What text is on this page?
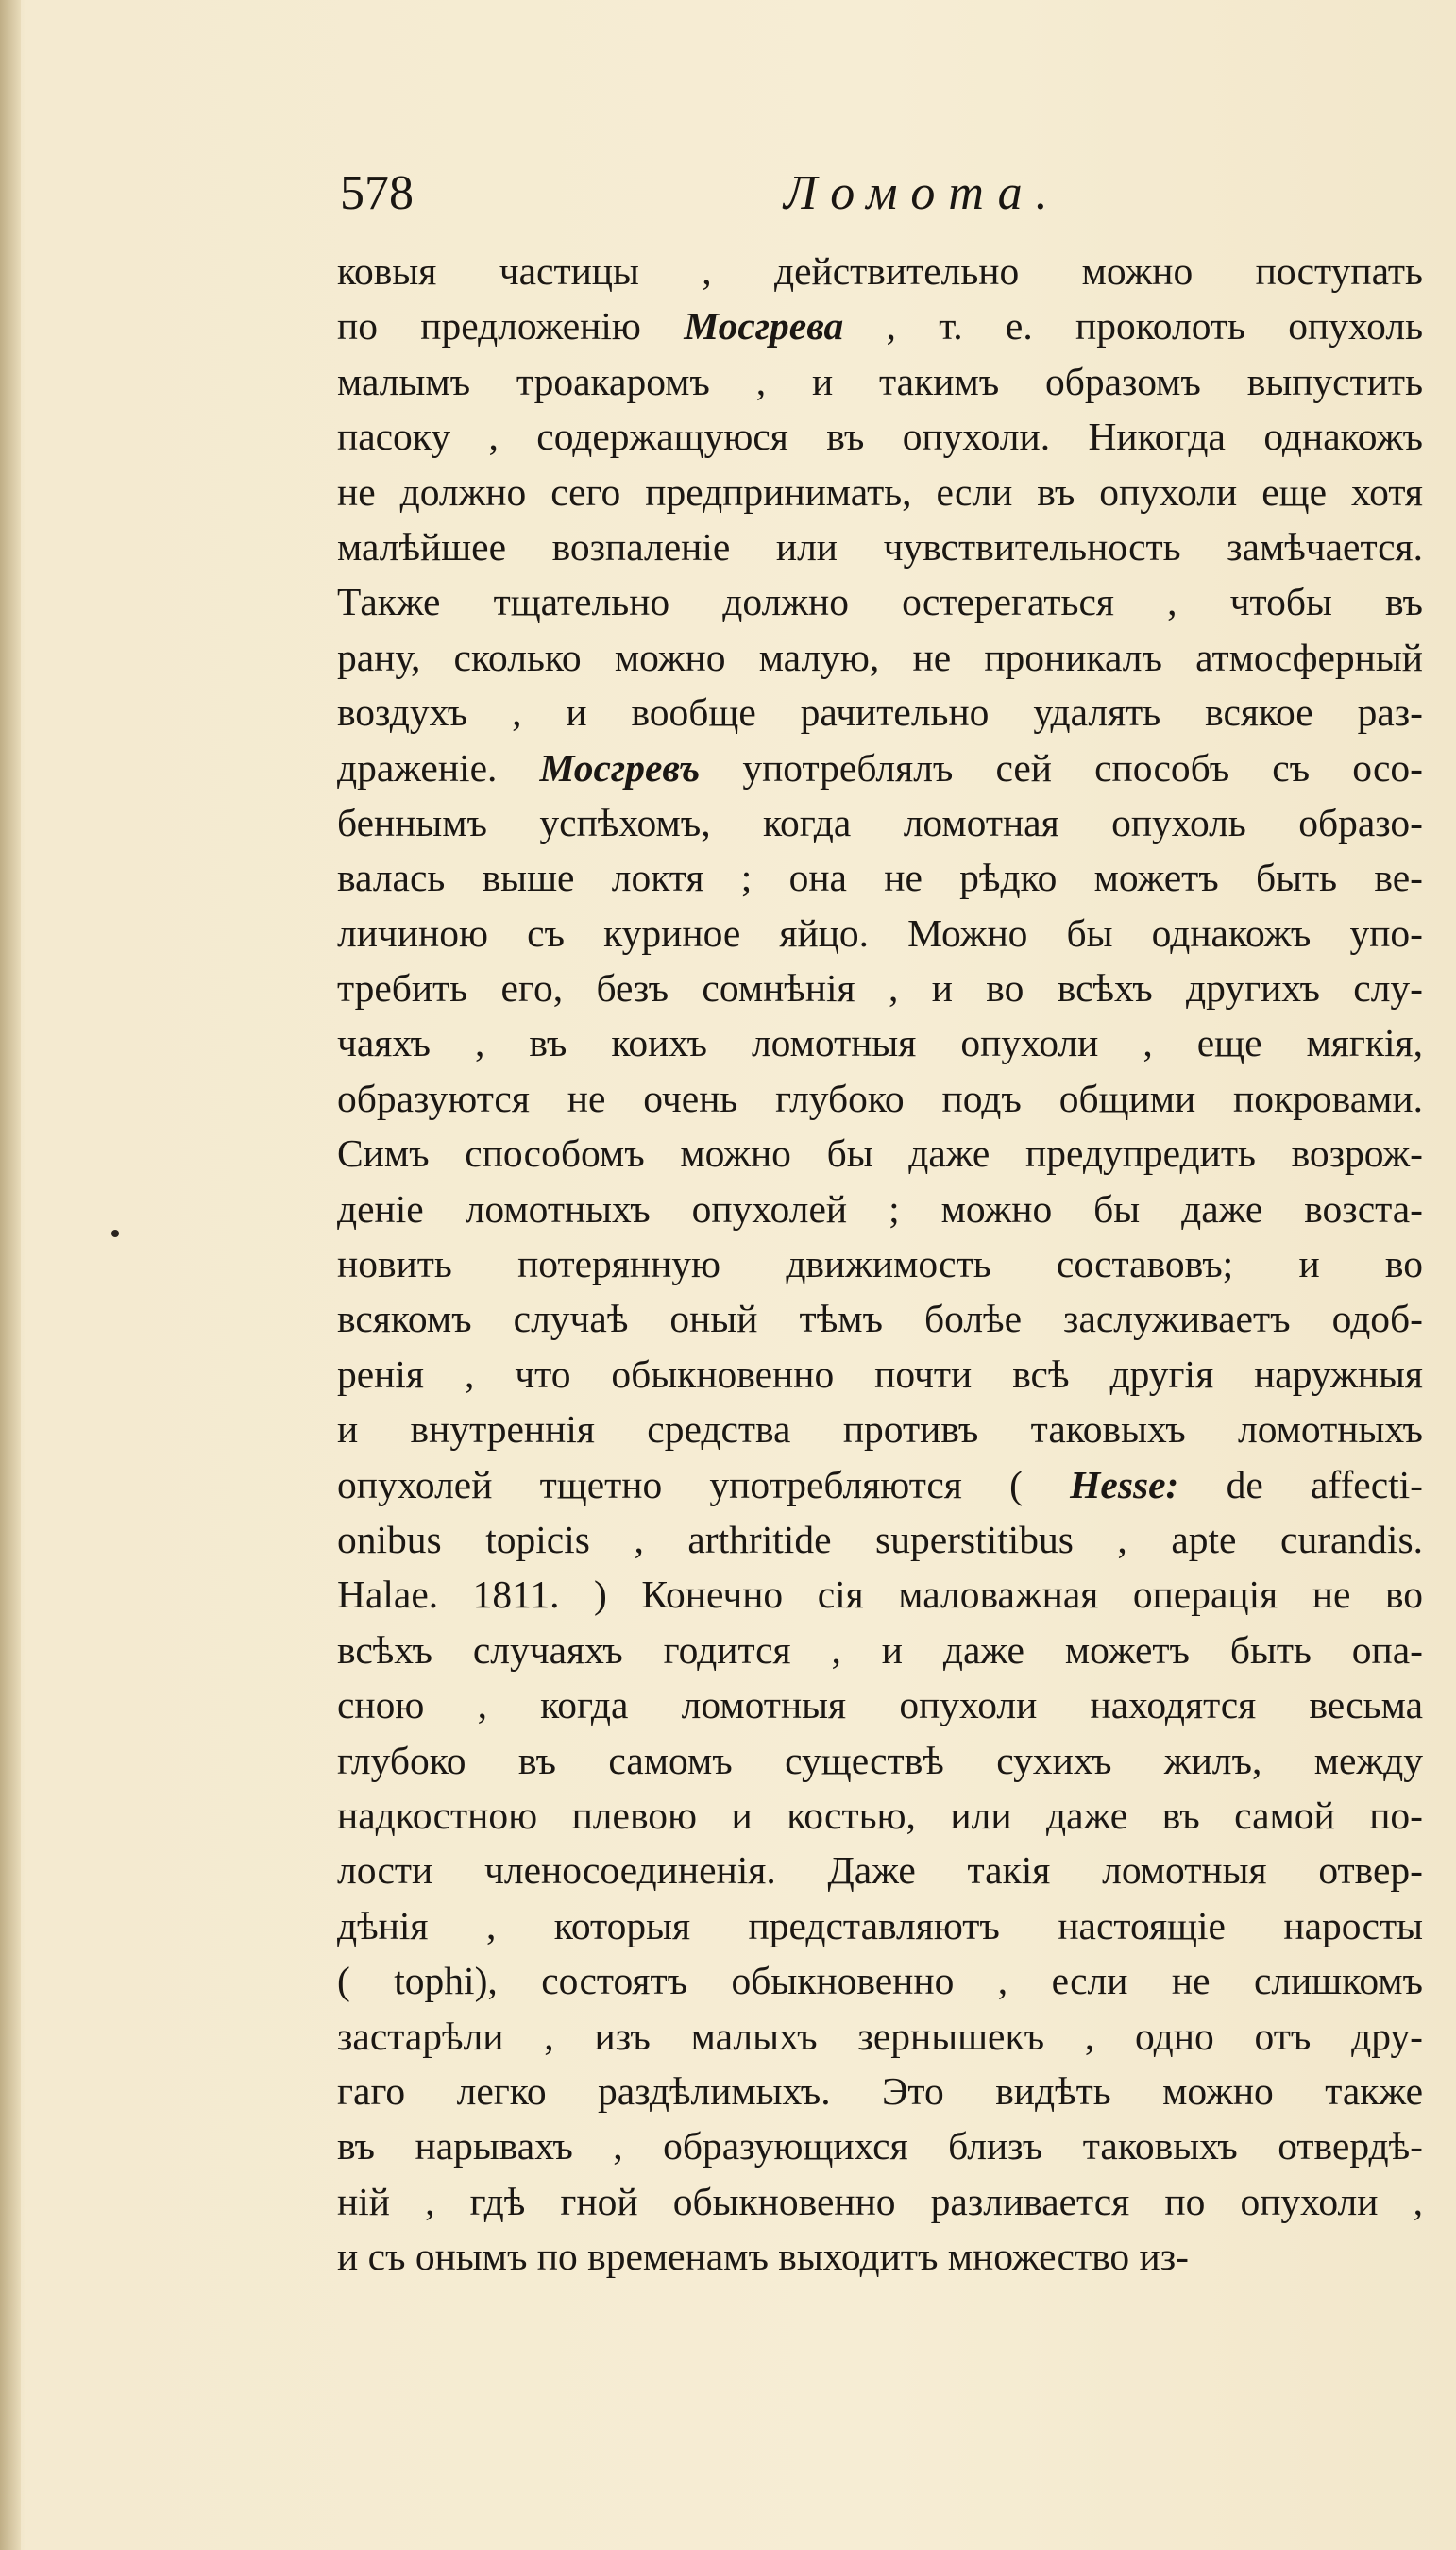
578	Ломота.
ковыя частицы , действительно можно поступать
по предложенію Мосгрева , т. е. проколоть опухоль
малымъ троакаромъ , и такимъ образомъ выпустить
пасоку , содержащуюся въ опухоли. Никогда однакожъ
не должно сего предпринимать, если въ опухоли еще хотя
малѣйшее возпаленіе или чувствительность замѣчается.
Также тщательно должно остерегаться , чтобы въ
рану, сколько можно малую, не проникалъ атмосферный
воздухъ , и вообще рачительно удалять всякое раз-
драженіе. Мосгревъ употреблялъ сей способъ съ осо-
беннымъ успѣхомъ, когда ломотная опухоль образо-
валась выше локтя ; она не рѣдко можетъ быть ве-
личиною съ куриное яйцо. Можно бы однакожъ упо-
требить его, безъ сомнѣнія , и во всѣхъ другихъ слу-
чаяхъ , въ коихъ ломотныя опухоли , еще мягкія,
образуются не очень глубоко подъ общими покровами.
Симъ способомъ можно бы даже предупредить возрож-
деніе ломотныхъ опухолей ; можно бы даже возста-
новить потерянную движимость составовъ; и во
всякомъ случаѣ оный тѣмъ болѣе заслуживаетъ одоб-
ренія , что обыкновенно почти всѣ другія наружныя
и внутреннія средства противъ таковыхъ ломотныхъ
опухолей тщетно употребляются ( Hesse: de affecti-
onibus topicis , arthritide superstitibus , apte curandis.
Halae. 1811. ) Конечно сія маловажная операція не во
всѣхъ случаяхъ годится , и даже можетъ быть опа-
сною , когда ломотныя опухоли находятся весьма
глубоко въ самомъ существѣ сухихъ жилъ, между
надкостною плевою и костью, или даже въ самой по-
лости членосоединенія. Даже такія ломотныя отвер-
дѣнія , которыя представляютъ настоящіе наросты
( tophi), состоятъ обыкновенно , если не слишкомъ
застарѣли , изъ малыхъ зернышекъ , одно отъ дру-
гаго легко раздѣлимыхъ. Это видѣть можно также
въ нарывахъ , образующихся близъ таковыхъ отвердѣ-
ній , гдѣ гной обыкновенно разливается по опухоли ,
и съ онымъ по временамъ выходитъ множество из-
